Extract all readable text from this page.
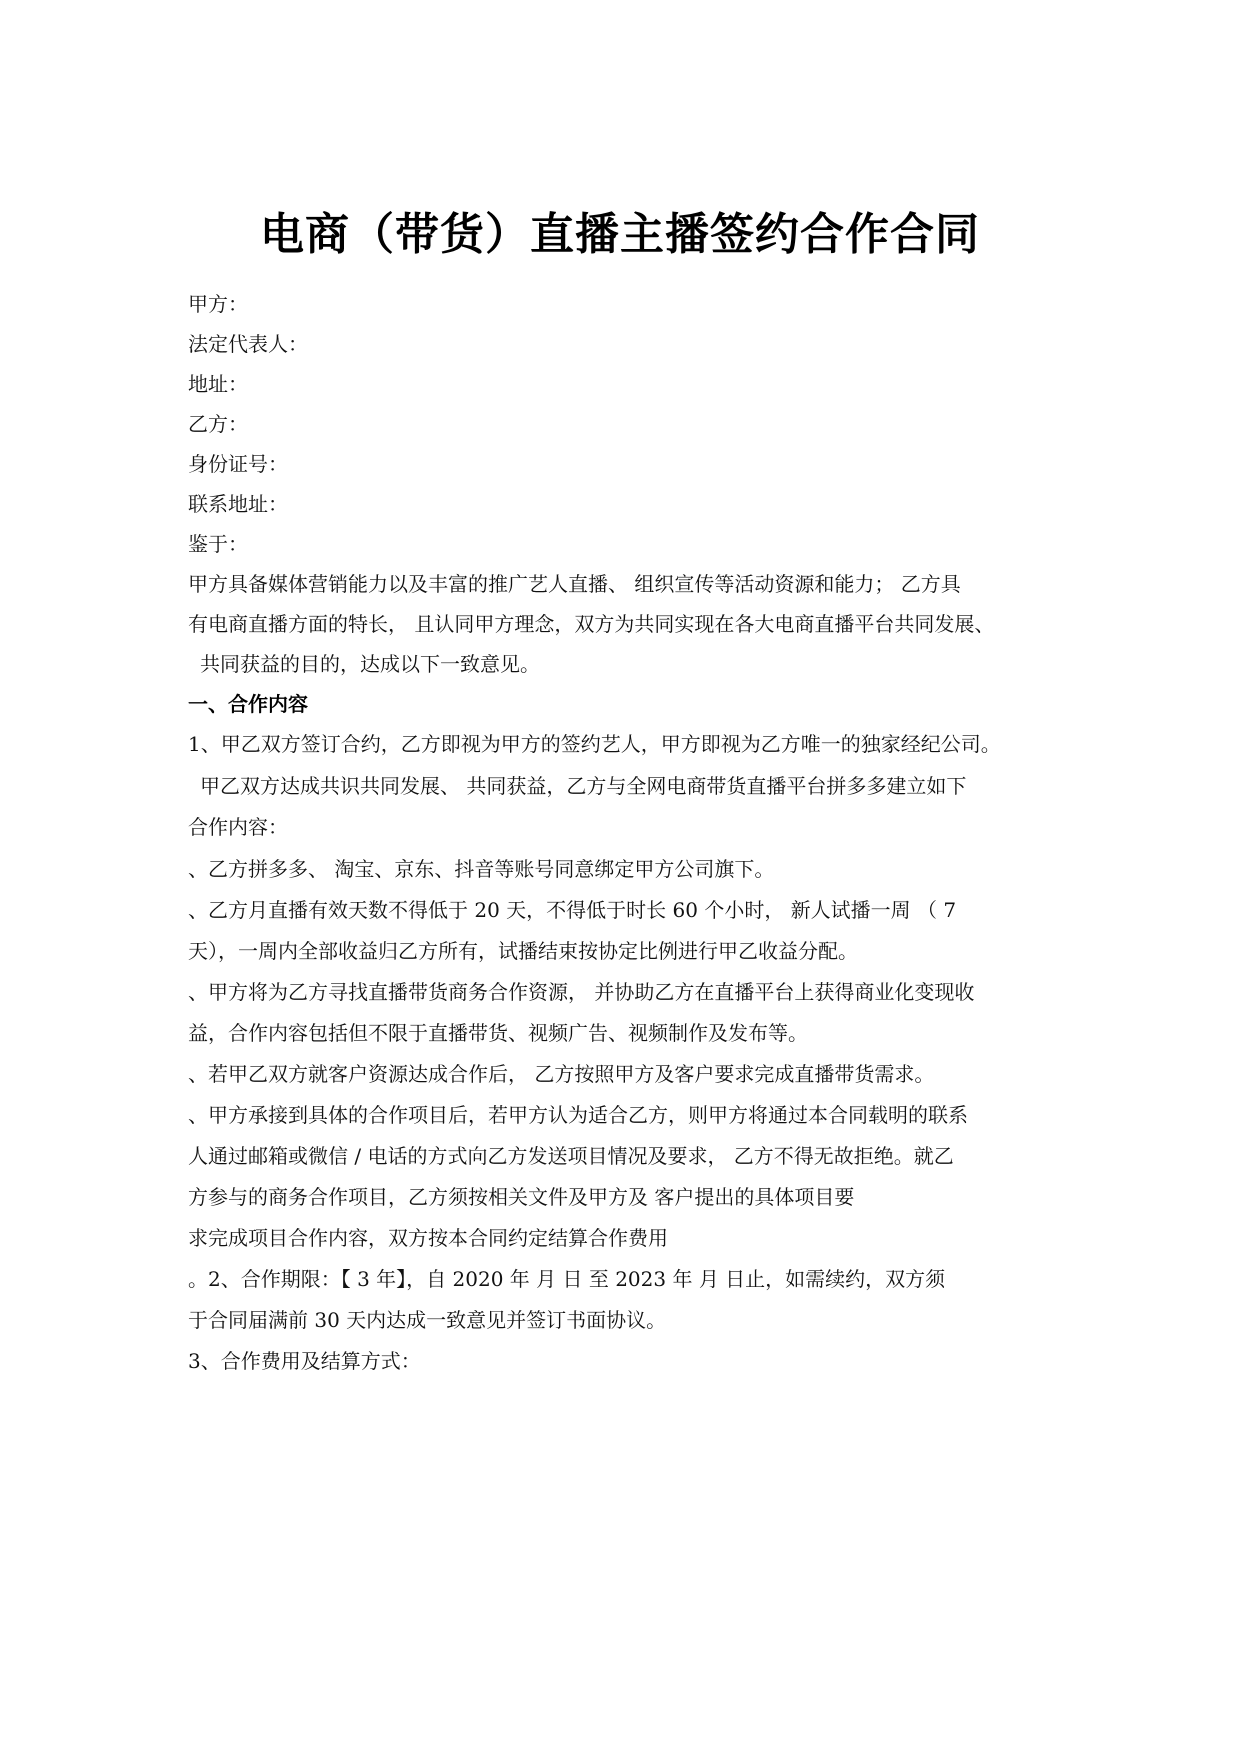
电商（带货）直播主播签约合作合同
甲方：
法定代表人：
地址：
乙方：
身份证号：
联系地址：
鉴于：
甲方具备媒体营销能力以及丰富的推广艺人直播、 组织宣传等活动资源和能力； 乙方具
有电商直播方面的特长， 且认同甲方理念，双方为共同实现在各大电商直播平台共同发展、
共同获益的目的，达成以下一致意见。
一、合作内容
1、甲乙双方签订合约，乙方即视为甲方的签约艺人，甲方即视为乙方唯一的独家经纪公司。
甲乙双方达成共识共同发展、 共同获益，乙方与全网电商带货直播平台拼多多建立如下
合作内容：
、乙方拼多多、 淘宝、京东、抖音等账号同意绑定甲方公司旗下。
、乙方月直播有效天数不得低于 20 天，不得低于时长 60 个小时， 新人试播一周 （ 7
天），一周内全部收益归乙方所有，试播结束按协定比例进行甲乙收益分配。
、甲方将为乙方寻找直播带货商务合作资源， 并协助乙方在直播平台上获得商业化变现收
益，合作内容包括但不限于直播带货、视频广告、视频制作及发布等。
、若甲乙双方就客户资源达成合作后， 乙方按照甲方及客户要求完成直播带货需求。
、甲方承接到具体的合作项目后，若甲方认为适合乙方，则甲方将通过本合同载明的联系
人通过邮箱或微信 / 电话的方式向乙方发送项目情况及要求， 乙方不得无故拒绝。就乙
方参与的商务合作项目，乙方须按相关文件及甲方及 客户提出的具体项目要
求完成项目合作内容，双方按本合同约定结算合作费用
。2、合作期限：【 3 年】，自 2020 年 月 日 至 2023 年 月 日止，如需续约，双方须
于合同届满前 30 天内达成一致意见并签订书面协议。
3、合作费用及结算方式：
